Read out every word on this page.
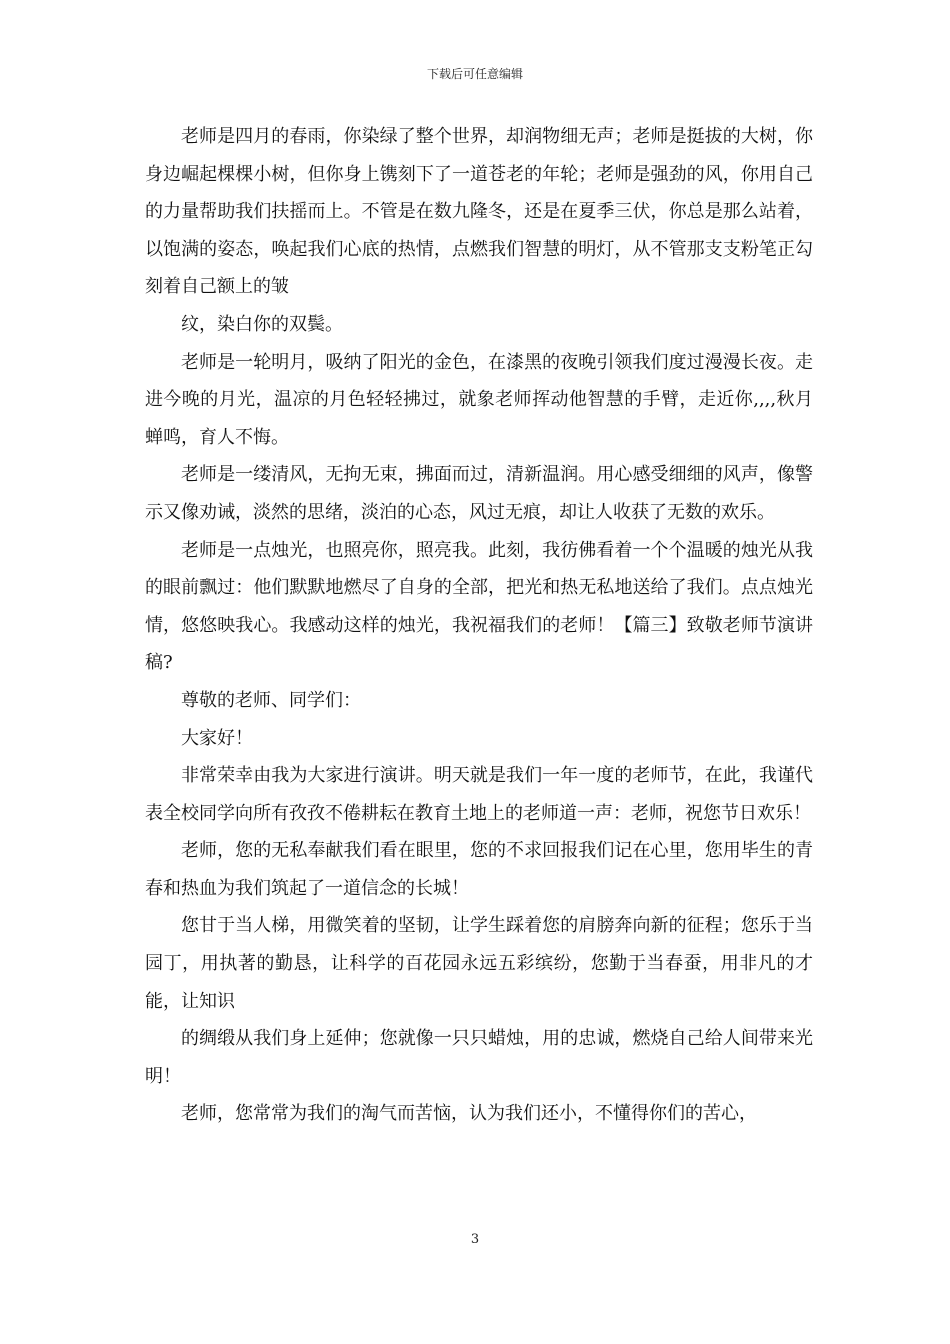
下载后可任意编辑

老师是四月的春雨，你染绿了整个世界，却润物细无声；老师是挺拔的大树，你身边崛起棵棵小树，但你身上镌刻下了一道苍老的年轮；老师是强劲的风，你用自己的力量帮助我们扶摇而上。不管是在数九隆冬，还是在夏季三伏，你总是那么站着，以饱满的姿态，唤起我们心底的热情，点燃我们智慧的明灯，从不管那支支粉笔正勾刻着自己额上的皱

纹，染白你的双鬓。

老师是一轮明月，吸纳了阳光的金色，在漆黑的夜晚引领我们度过漫漫长夜。走进今晚的月光，温凉的月色轻轻拂过，就象老师挥动他智慧的手臂，走近你,,,,秋月蝉鸣，育人不悔。

老师是一缕清风，无拘无束，拂面而过，清新温润。用心感受细细的风声，像警示又像劝诫，淡然的思绪，淡泊的心态，风过无痕，却让人收获了无数的欢乐。

老师是一点烛光，也照亮你，照亮我。此刻，我彷佛看着一个个温暖的烛光从我的眼前飘过：他们默默地燃尽了自身的全部，把光和热无私地送给了我们。点点烛光情，悠悠映我心。我感动这样的烛光，我祝福我们的老师！【篇三】致敬老师节演讲稿?

尊敬的老师、同学们：

大家好！

非常荣幸由我为大家进行演讲。明天就是我们一年一度的老师节，在此，我谨代表全校同学向所有孜孜不倦耕耘在教育土地上的老师道一声：老师，祝您节日欢乐！

老师，您的无私奉献我们看在眼里，您的不求回报我们记在心里，您用毕生的青春和热血为我们筑起了一道信念的长城！

您甘于当人梯，用微笑着的坚韧，让学生踩着您的肩膀奔向新的征程；您乐于当园丁，用执著的勤恳，让科学的百花园永远五彩缤纷，您勤于当春蚕，用非凡的才能，让知识

的绸缎从我们身上延伸；您就像一只只蜡烛，用的忠诚，燃烧自己给人间带来光明！

老师，您常常为我们的淘气而苦恼，认为我们还小，不懂得你们的苦心，

3
